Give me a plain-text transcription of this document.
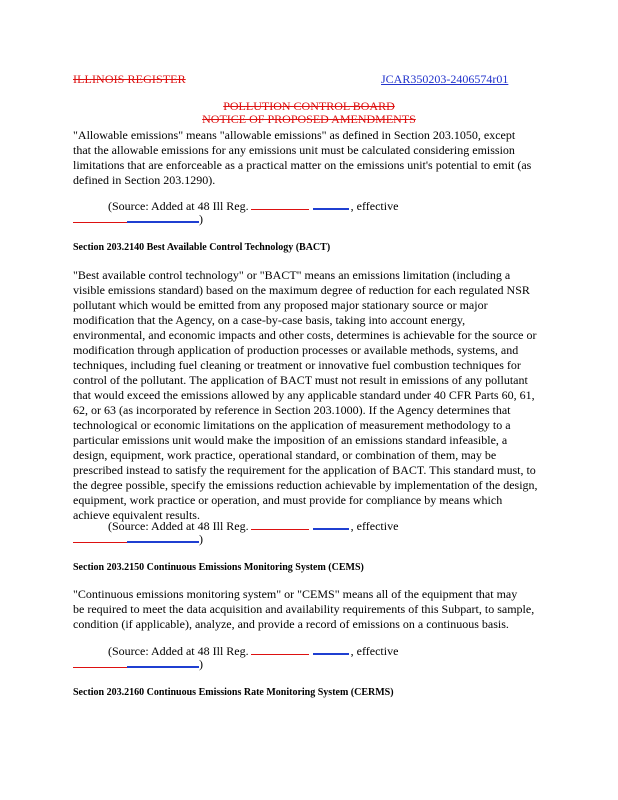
ILLINOIS REGISTER	JCAR350203-2406574r01
POLLUTION CONTROL BOARD
NOTICE OF PROPOSED AMENDMENTS
"Allowable emissions" means "allowable emissions" as defined in Section 203.1050, except
that the allowable emissions for any emissions unit must be calculated considering emission
limitations that are enforceable as a practical matter on the emissions unit's potential to emit (as
defined in Section 203.1290).
(Source: Added at 48 Ill Reg.	, effective
)
Section 203.2140 Best Available Control Technology (BACT)
"Best available control technology" or "BACT" means an emissions limitation (including a
visible emissions standard) based on the maximum degree of reduction for each regulated NSR
pollutant which would be emitted from any proposed major stationary source or major
modification that the Agency, on a case-by-case basis, taking into account energy,
environmental, and economic impacts and other costs, determines is achievable for the source or
modification through application of production processes or available methods, systems, and
techniques, including fuel cleaning or treatment or innovative fuel combustion techniques for
control of the pollutant. The application of BACT must not result in emissions of any pollutant
that would exceed the emissions allowed by any applicable standard under 40 CFR Parts 60, 61,
62, or 63 (as incorporated by reference in Section 203.1000). If the Agency determines that
technological or economic limitations on the application of measurement methodology to a
particular emissions unit would make the imposition of an emissions standard infeasible, a
design, equipment, work practice, operational standard, or combination of them, may be
prescribed instead to satisfy the requirement for the application of BACT. This standard must, to
the degree possible, specify the emissions reduction achievable by implementation of the design,
equipment, work practice or operation, and must provide for compliance by means which
achieve equivalent results.
(Source: Added at 48 Ill Reg.	, effective
)
Section 203.2150 Continuous Emissions Monitoring System (CEMS)
"Continuous emissions monitoring system" or "CEMS" means all of the equipment that may
be required to meet the data acquisition and availability requirements of this Subpart, to sample,
condition (if applicable), analyze, and provide a record of emissions on a continuous basis.
(Source: Added at 48 Ill Reg.	, effective
)
Section 203.2160 Continuous Emissions Rate Monitoring System (CERMS)
